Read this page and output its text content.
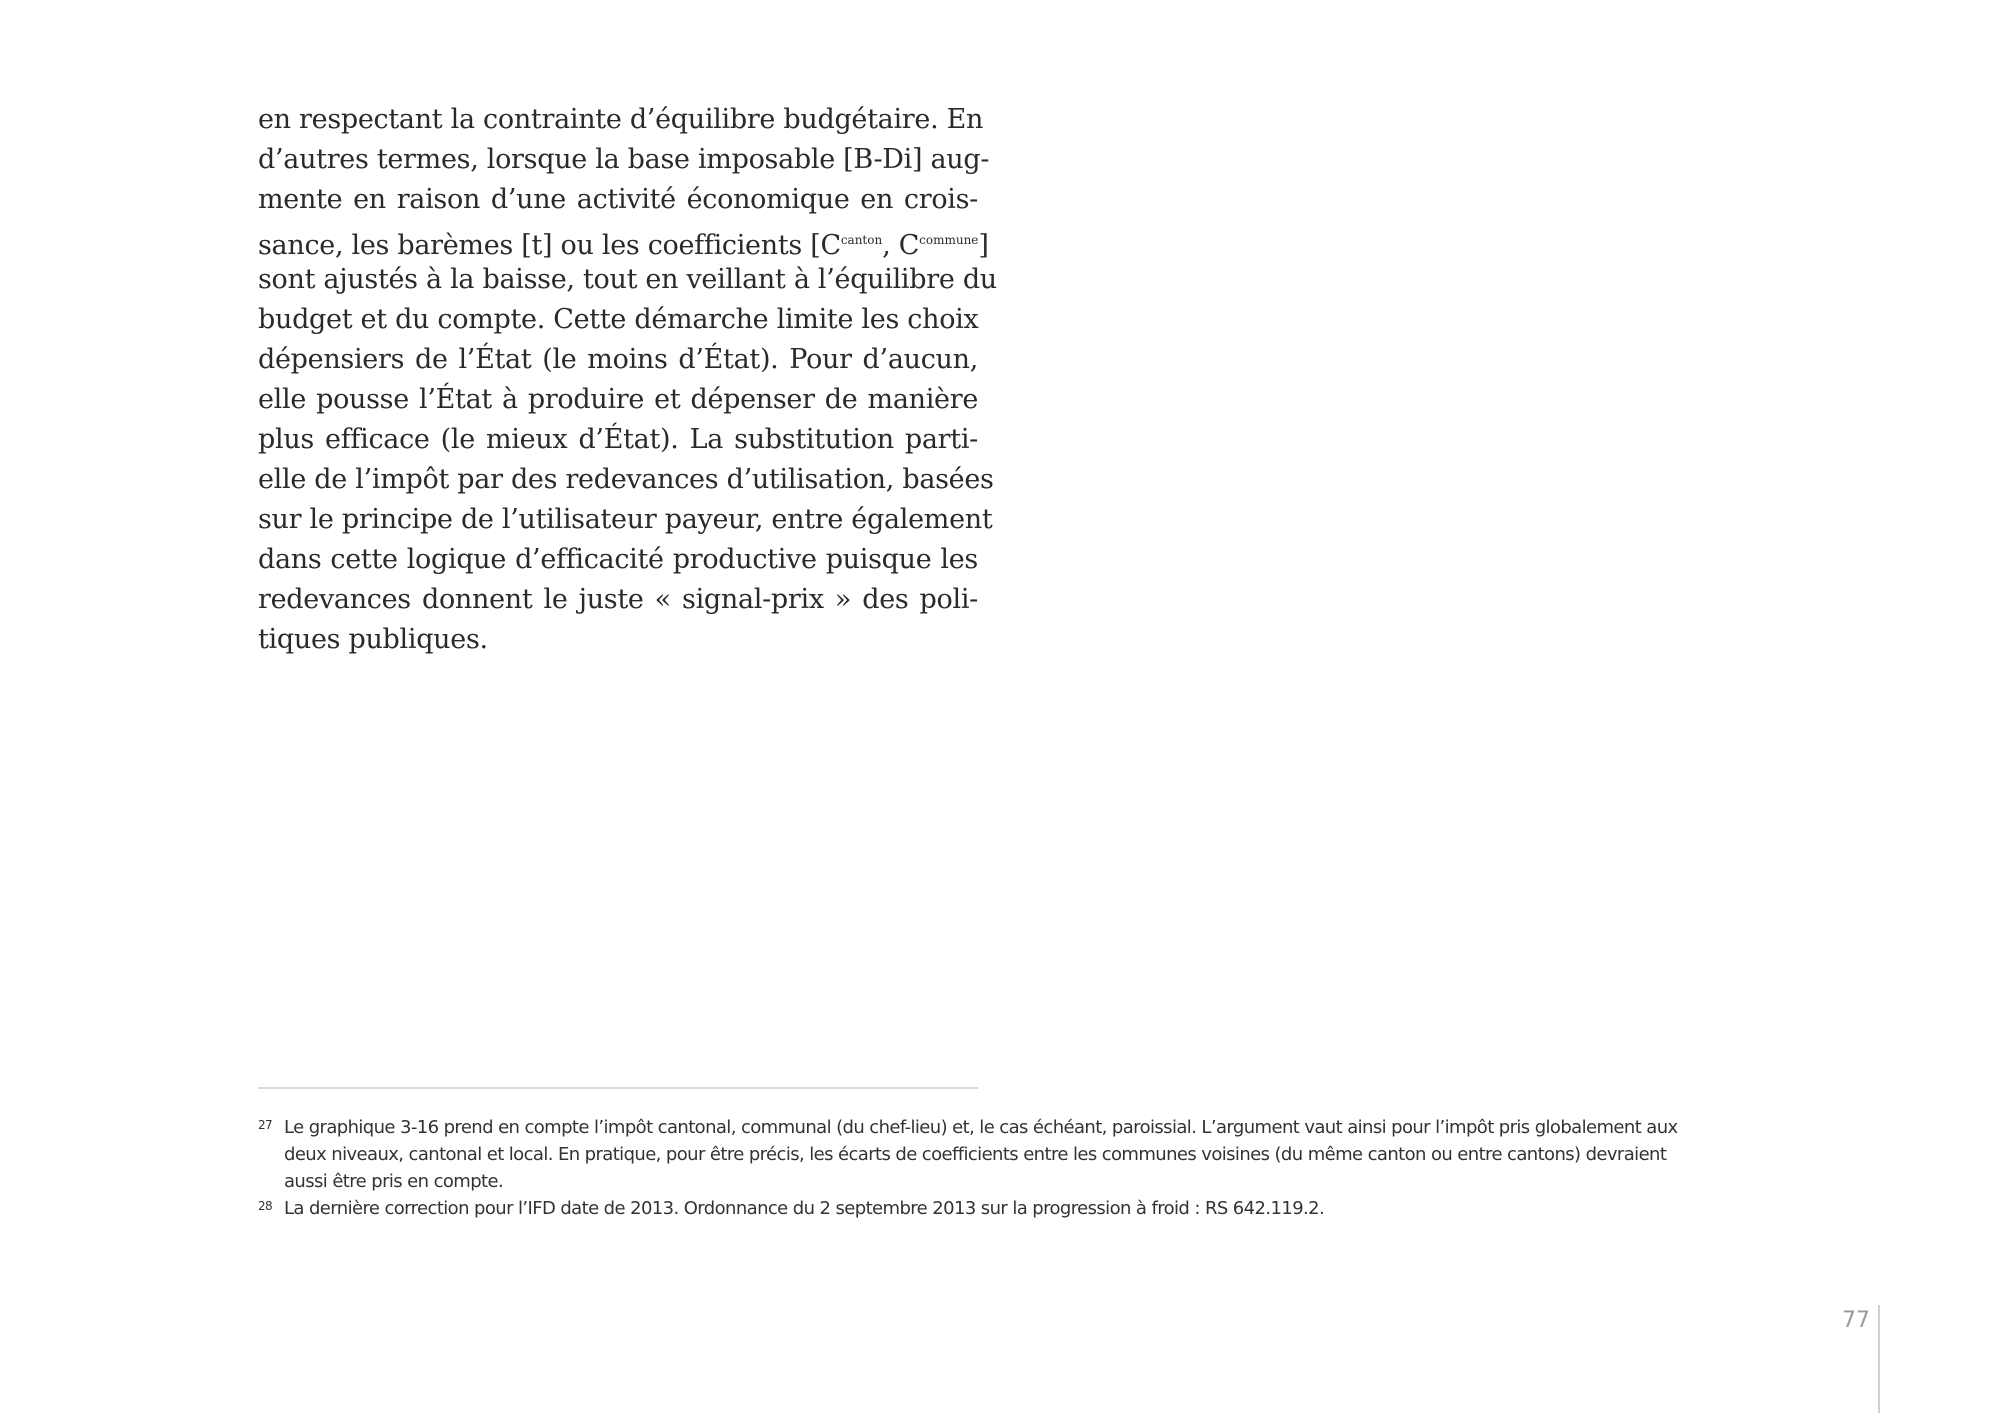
en respectant la contrainte d’équilibre budgétaire. En
d’autres termes, lorsque la base imposable [B-Di] aug-
mente en raison d’une activité économique en crois-
sance, les barèmes [t] ou les coefficients [$C^{canton}$, $C^{commune}$]
sont ajustés à la baisse, tout en veillant à l’équilibre du
budget et du compte. Cette démarche limite les choix
dépensiers de l’État (le moins d’État). Pour d’aucun,
elle pousse l’État à produire et dépenser de manière
plus efficace (le mieux d’État). La substitution parti-
elle de l’impôt par des redevances d’utilisation, basées
sur le principe de l’utilisateur payeur, entre également
dans cette logique d’efficacité productive puisque les
redevances donnent le juste « signal-prix » des poli-
tiques publiques.
27 Le graphique 3-16 prend en compte l’impôt cantonal, communal (du chef-lieu) et, le cas échéant, paroissial. L’argument vaut ainsi pour l’impôt pris globalement aux
deux niveaux, cantonal et local. En pratique, pour être précis, les écarts de coefficients entre les communes voisines (du même canton ou entre cantons) devraient
aussi être pris en compte.
28 La dernière correction pour l’IFD date de 2013. Ordonnance du 2 septembre 2013 sur la progression à froid : RS 642.119.2.
77
